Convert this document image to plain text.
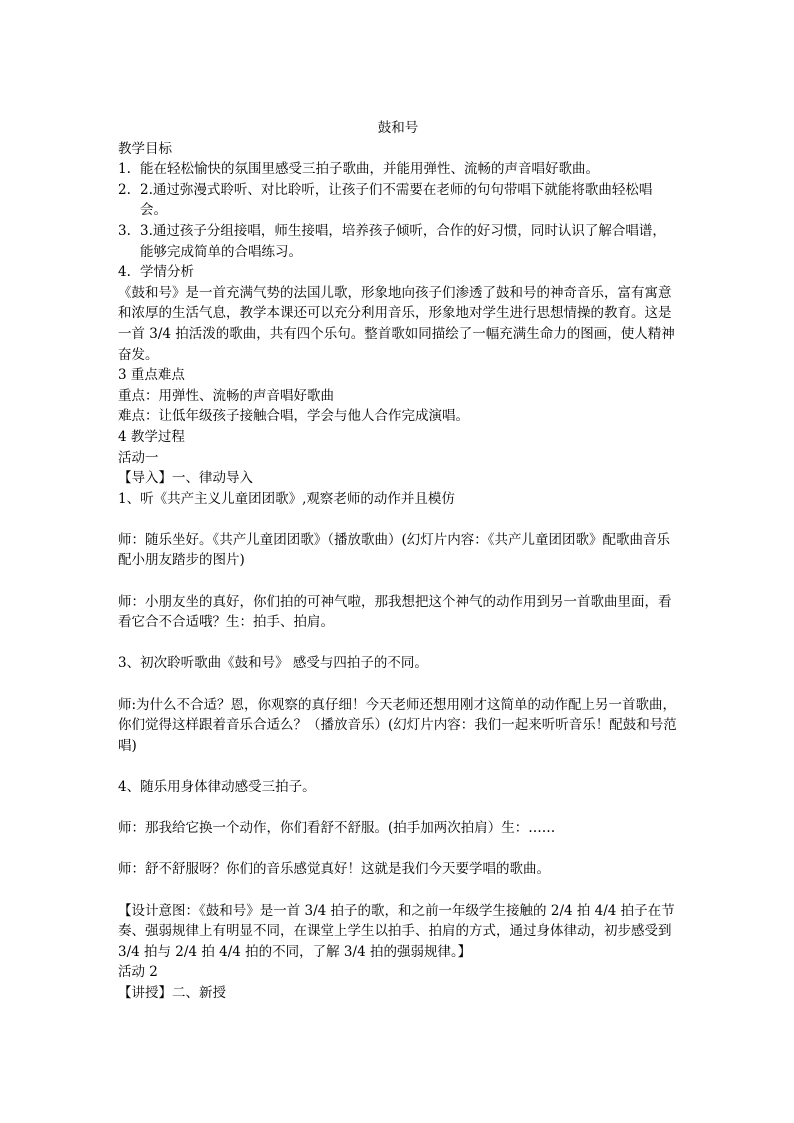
鼓和号

教学目标

1. 能在轻松愉快的氛围里感受三拍子歌曲，并能用弹性、流畅的声音唱好歌曲。
2. 2.通过弥漫式聆听、对比聆听，让孩子们不需要在老师的句句带唱下就能将歌曲轻松唱会。
3. 3.通过孩子分组接唱，师生接唱，培养孩子倾听，合作的好习惯，同时认识了解合唱谱，能够完成简单的合唱练习。
4. 学情分析

《鼓和号》是一首充满气势的法国儿歌，形象地向孩子们渗透了鼓和号的神奇音乐，富有寓意和浓厚的生活气息，教学本课还可以充分利用音乐，形象地对学生进行思想情操的教育。这是一首 3/4 拍活泼的歌曲，共有四个乐句。整首歌如同描绘了一幅充满生命力的图画，使人精神奋发。

3 重点难点

重点：用弹性、流畅的声音唱好歌曲

难点：让低年级孩子接触合唱，学会与他人合作完成演唱。

4 教学过程

活动一

【导入】一、律动导入

1、听《共产主义儿童团团歌》,观察老师的动作并且模仿

师：随乐坐好。《共产儿童团团歌》（播放歌曲）(幻灯片内容：《共产儿童团团歌》配歌曲音乐配小朋友踏步的图片)

师：小朋友坐的真好，你们拍的可神气啦，那我想把这个神气的动作用到另一首歌曲里面，看看它合不合适哦？生：拍手、拍肩。

3、初次聆听歌曲《鼓和号》 感受与四拍子的不同。

师:为什么不合适？恩，你观察的真仔细！今天老师还想用刚才这简单的动作配上另一首歌曲，你们觉得这样跟着音乐合适么？（播放音乐）(幻灯片内容：我们一起来听听音乐！配鼓和号范唱)

4、随乐用身体律动感受三拍子。

师：那我给它换一个动作，你们看舒不舒服。(拍手加两次拍肩）生：……

师：舒不舒服呀？你们的音乐感觉真好！这就是我们今天要学唱的歌曲。

【设计意图：《鼓和号》是一首 3/4 拍子的歌，和之前一年级学生接触的 2/4 拍 4/4 拍子在节奏、强弱规律上有明显不同，在课堂上学生以拍手、拍肩的方式，通过身体律动，初步感受到 3/4 拍与 2/4 拍 4/4 拍的不同，了解 3/4 拍的强弱规律。】

活动 2

【讲授】二、新授
